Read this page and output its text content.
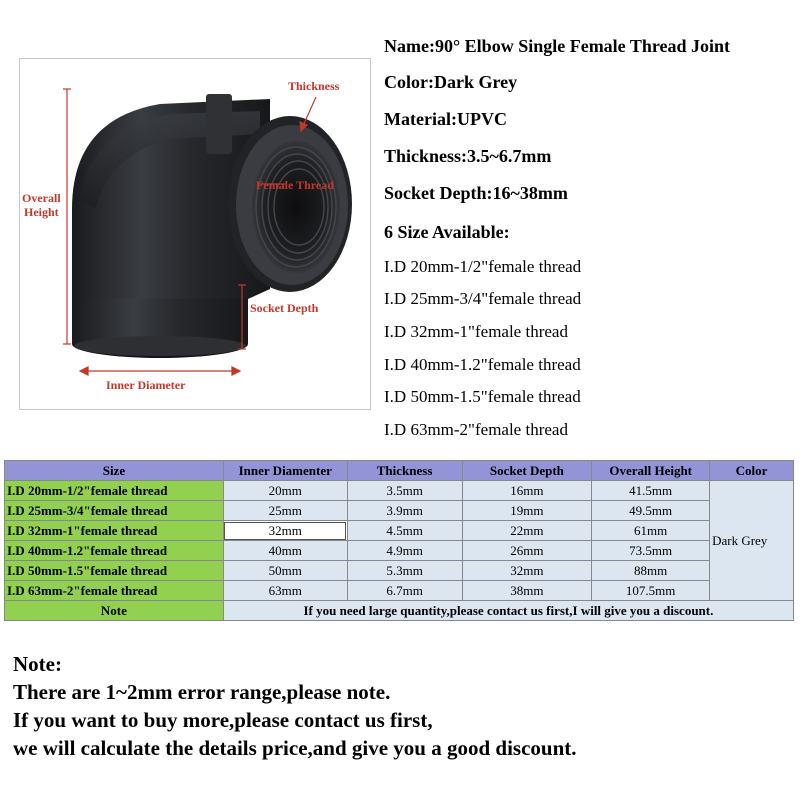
Thickness
Female Thread
Overall
Height
Socket Depth
Inner Diameter
Name:90° Elbow Single Female Thread Joint
Color:Dark Grey
Material:UPVC
Thickness:3.5~6.7mm
Socket Depth:16~38mm
6 Size Available:
I.D 20mm-1/2"female thread
I.D 25mm-3/4"female thread
I.D 32mm-1"female thread
I.D 40mm-1.2"female thread
I.D 50mm-1.5"female thread
I.D 63mm-2"female thread
Size	Inner Diamenter	Thickness	Socket Depth	Overall Height	Color
I.D 20mm-1/2"female thread	20mm	3.5mm	16mm	41.5mm	Dark Grey
I.D 25mm-3/4"female thread	25mm	3.9mm	19mm	49.5mm	
I.D 32mm-1"female thread	32mm	4.5mm	22mm	61mm	
I.D 40mm-1.2"female thread	40mm	4.9mm	26mm	73.5mm	
I.D 50mm-1.5"female thread	50mm	5.3mm	32mm	88mm	
I.D 63mm-2"female thread	63mm	6.7mm	38mm	107.5mm	
Note	If you need large quantity,please contact us first,I will give you a discount.				
Note:
There are 1~2mm error range,please note.
If you want to buy more,please contact us first,
we will calculate the details price,and give you a good discount.
